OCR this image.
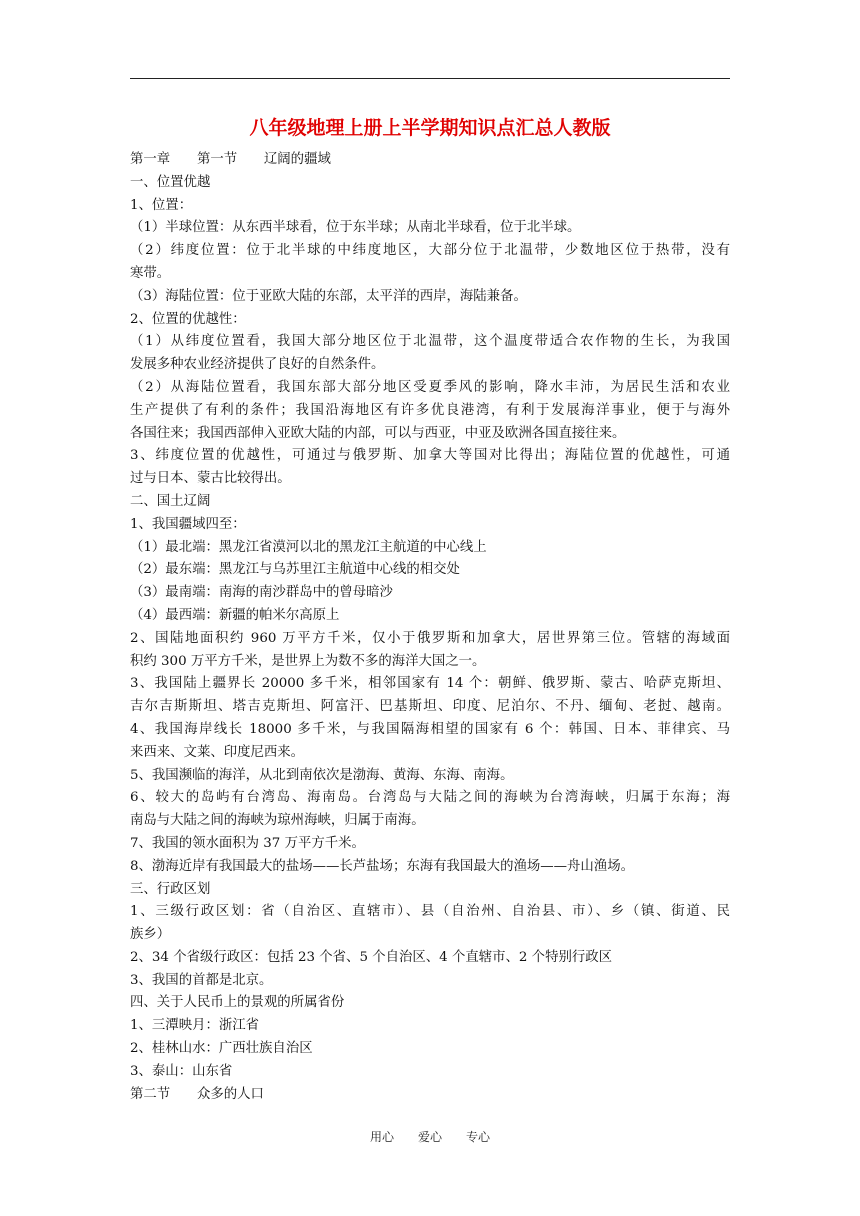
八年级地理上册上半学期知识点汇总人教版
第一章　　第一节　　辽阔的疆域
一、位置优越
1、位置：
（1）半球位置：从东西半球看，位于东半球；从南北半球看，位于北半球。
（2）纬度位置：位于北半球的中纬度地区，大部分位于北温带，少数地区位于热带，没有
寒带。
（3）海陆位置：位于亚欧大陆的东部，太平洋的西岸，海陆兼备。
2、位置的优越性：
（1）从纬度位置看，我国大部分地区位于北温带，这个温度带适合农作物的生长，为我国
发展多种农业经济提供了良好的自然条件。
（2）从海陆位置看，我国东部大部分地区受夏季风的影响，降水丰沛，为居民生活和农业
生产提供了有利的条件；我国沿海地区有许多优良港湾，有利于发展海洋事业，便于与海外
各国往来；我国西部伸入亚欧大陆的内部，可以与西亚，中亚及欧洲各国直接往来。
3、纬度位置的优越性，可通过与俄罗斯、加拿大等国对比得出；海陆位置的优越性，可通
过与日本、蒙古比较得出。
二、国土辽阔
1、我国疆域四至：
（1）最北端：黑龙江省漠河以北的黑龙江主航道的中心线上
（2）最东端：黑龙江与乌苏里江主航道中心线的相交处
（3）最南端：南海的南沙群岛中的曾母暗沙
（4）最西端：新疆的帕米尔高原上
2、国陆地面积约 960 万平方千米，仅小于俄罗斯和加拿大，居世界第三位。管辖的海域面
积约 300 万平方千米，是世界上为数不多的海洋大国之一。
3、我国陆上疆界长 20000 多千米，相邻国家有 14 个：朝鲜、俄罗斯、蒙古、哈萨克斯坦、
吉尔吉斯斯坦、塔吉克斯坦、阿富汗、巴基斯坦、印度、尼泊尔、不丹、缅甸、老挝、越南。
4、我国海岸线长 18000 多千米，与我国隔海相望的国家有 6 个：韩国、日本、菲律宾、马
来西来、文莱、印度尼西来。
5、我国濒临的海洋，从北到南依次是渤海、黄海、东海、南海。
6、较大的岛屿有台湾岛、海南岛。台湾岛与大陆之间的海峡为台湾海峡，归属于东海；海
南岛与大陆之间的海峡为琼州海峡，归属于南海。
7、我国的领水面积为 37 万平方千米。
8、渤海近岸有我国最大的盐场——长芦盐场；东海有我国最大的渔场——舟山渔场。
三、行政区划
1、三级行政区划：省（自治区、直辖市）、县（自治州、自治县、市）、乡（镇、街道、民
族乡）
2、34 个省级行政区：包括 23 个省、5 个自治区、4 个直辖市、2 个特别行政区
3、我国的首都是北京。
四、关于人民币上的景观的所属省份
1、三潭映月：浙江省
2、桂林山水：广西壮族自治区
3、泰山：山东省
第二节　　众多的人口
用心　　爱心　　专心
